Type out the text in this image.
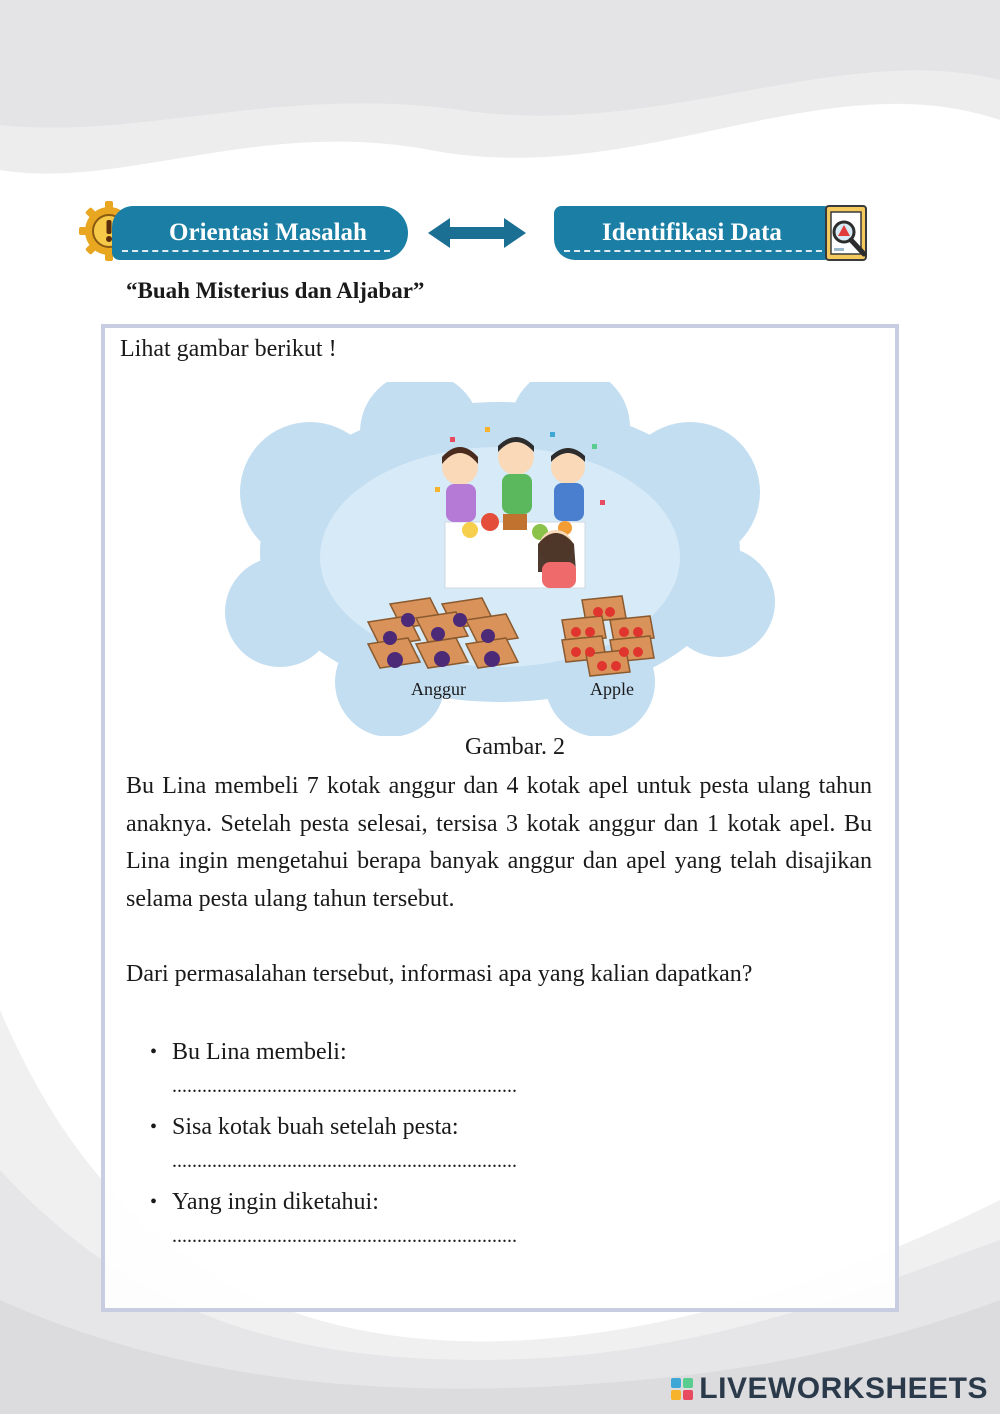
Orientasi Masalah	Identifikasi Data
“Buah Misterius dan Aljabar”
Lihat gambar berikut !
Anggur	Apple
Gambar. 2

Bu Lina membeli 7 kotak anggur dan 4 kotak apel untuk pesta ulang tahun anaknya. Setelah pesta selesai, tersisa 3 kotak anggur dan 1 kotak apel. Bu Lina ingin mengetahui berapa banyak anggur dan apel yang telah disajikan selama pesta ulang tahun tersebut.

Dari permasalahan tersebut, informasi apa yang kalian dapatkan?

• Bu Lina membeli:
.....................................................................
• Sisa kotak buah setelah pesta:
.....................................................................
• Yang ingin diketahui:
.....................................................................
LIVEWORKSHEETS
